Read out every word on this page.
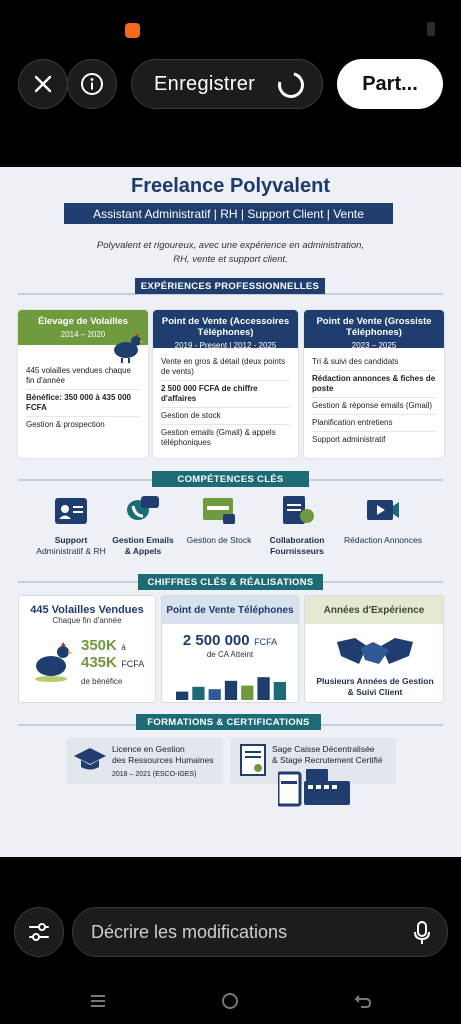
Enregistrer	Part...
Freelance Polyvalent
Assistant Administratif | RH | Support Client | Vente
Polyvalent et rigoureux, avec une expérience en administration,
RH, vente et support client.
EXPÉRIENCES PROFESSIONNELLES
Élevage de Volailles
2014 – 2020
445 volailles vendues chaque fin d'année
Bénéfice: 350 000 à 435 000 FCFA
Gestion & prospection
Point de Vente (Accessoires Téléphones)
2019 - Present | 2012 - 2025
Vente en gros & détail (deux points de vents)
2 500 000 FCFA de chiffre d'affaires
Gestion de stock
Gestion emails (Gmail) & appels téléphoniques
Point de Vente (Grossiste Téléphones)
2023 – 2025
Tri & suivi des candidats
Rédaction annonces & fiches de poste
Gestion & réponse emails (Gmail)
Planification entretiens
Support administratif
COMPÉTENCES CLÉS
Support
Administratif & RH
Gestion Emails
& Appels
Gestion de Stock	Collaboration
Fournisseurs
Rédaction Annonces
CHIFFRES CLÉS & RÉALISATIONS
445 Volailles Vendues
Chaque fin d'année
350K à
435K FCFA
de bénéfice
Point de Vente Téléphones
2 500 000 FCFA
de CA Atteint
Années d'Expérience
Plusieurs Années de Gestion & Suivi Client
FORMATIONS & CERTIFICATIONS
Licence en Gestion
des Ressources Humaines
2018 – 2021 (ESCO-IGES)
Sage Caisse Décentralisée
& Stage Recrutement Certifié
Décrire les modifications
